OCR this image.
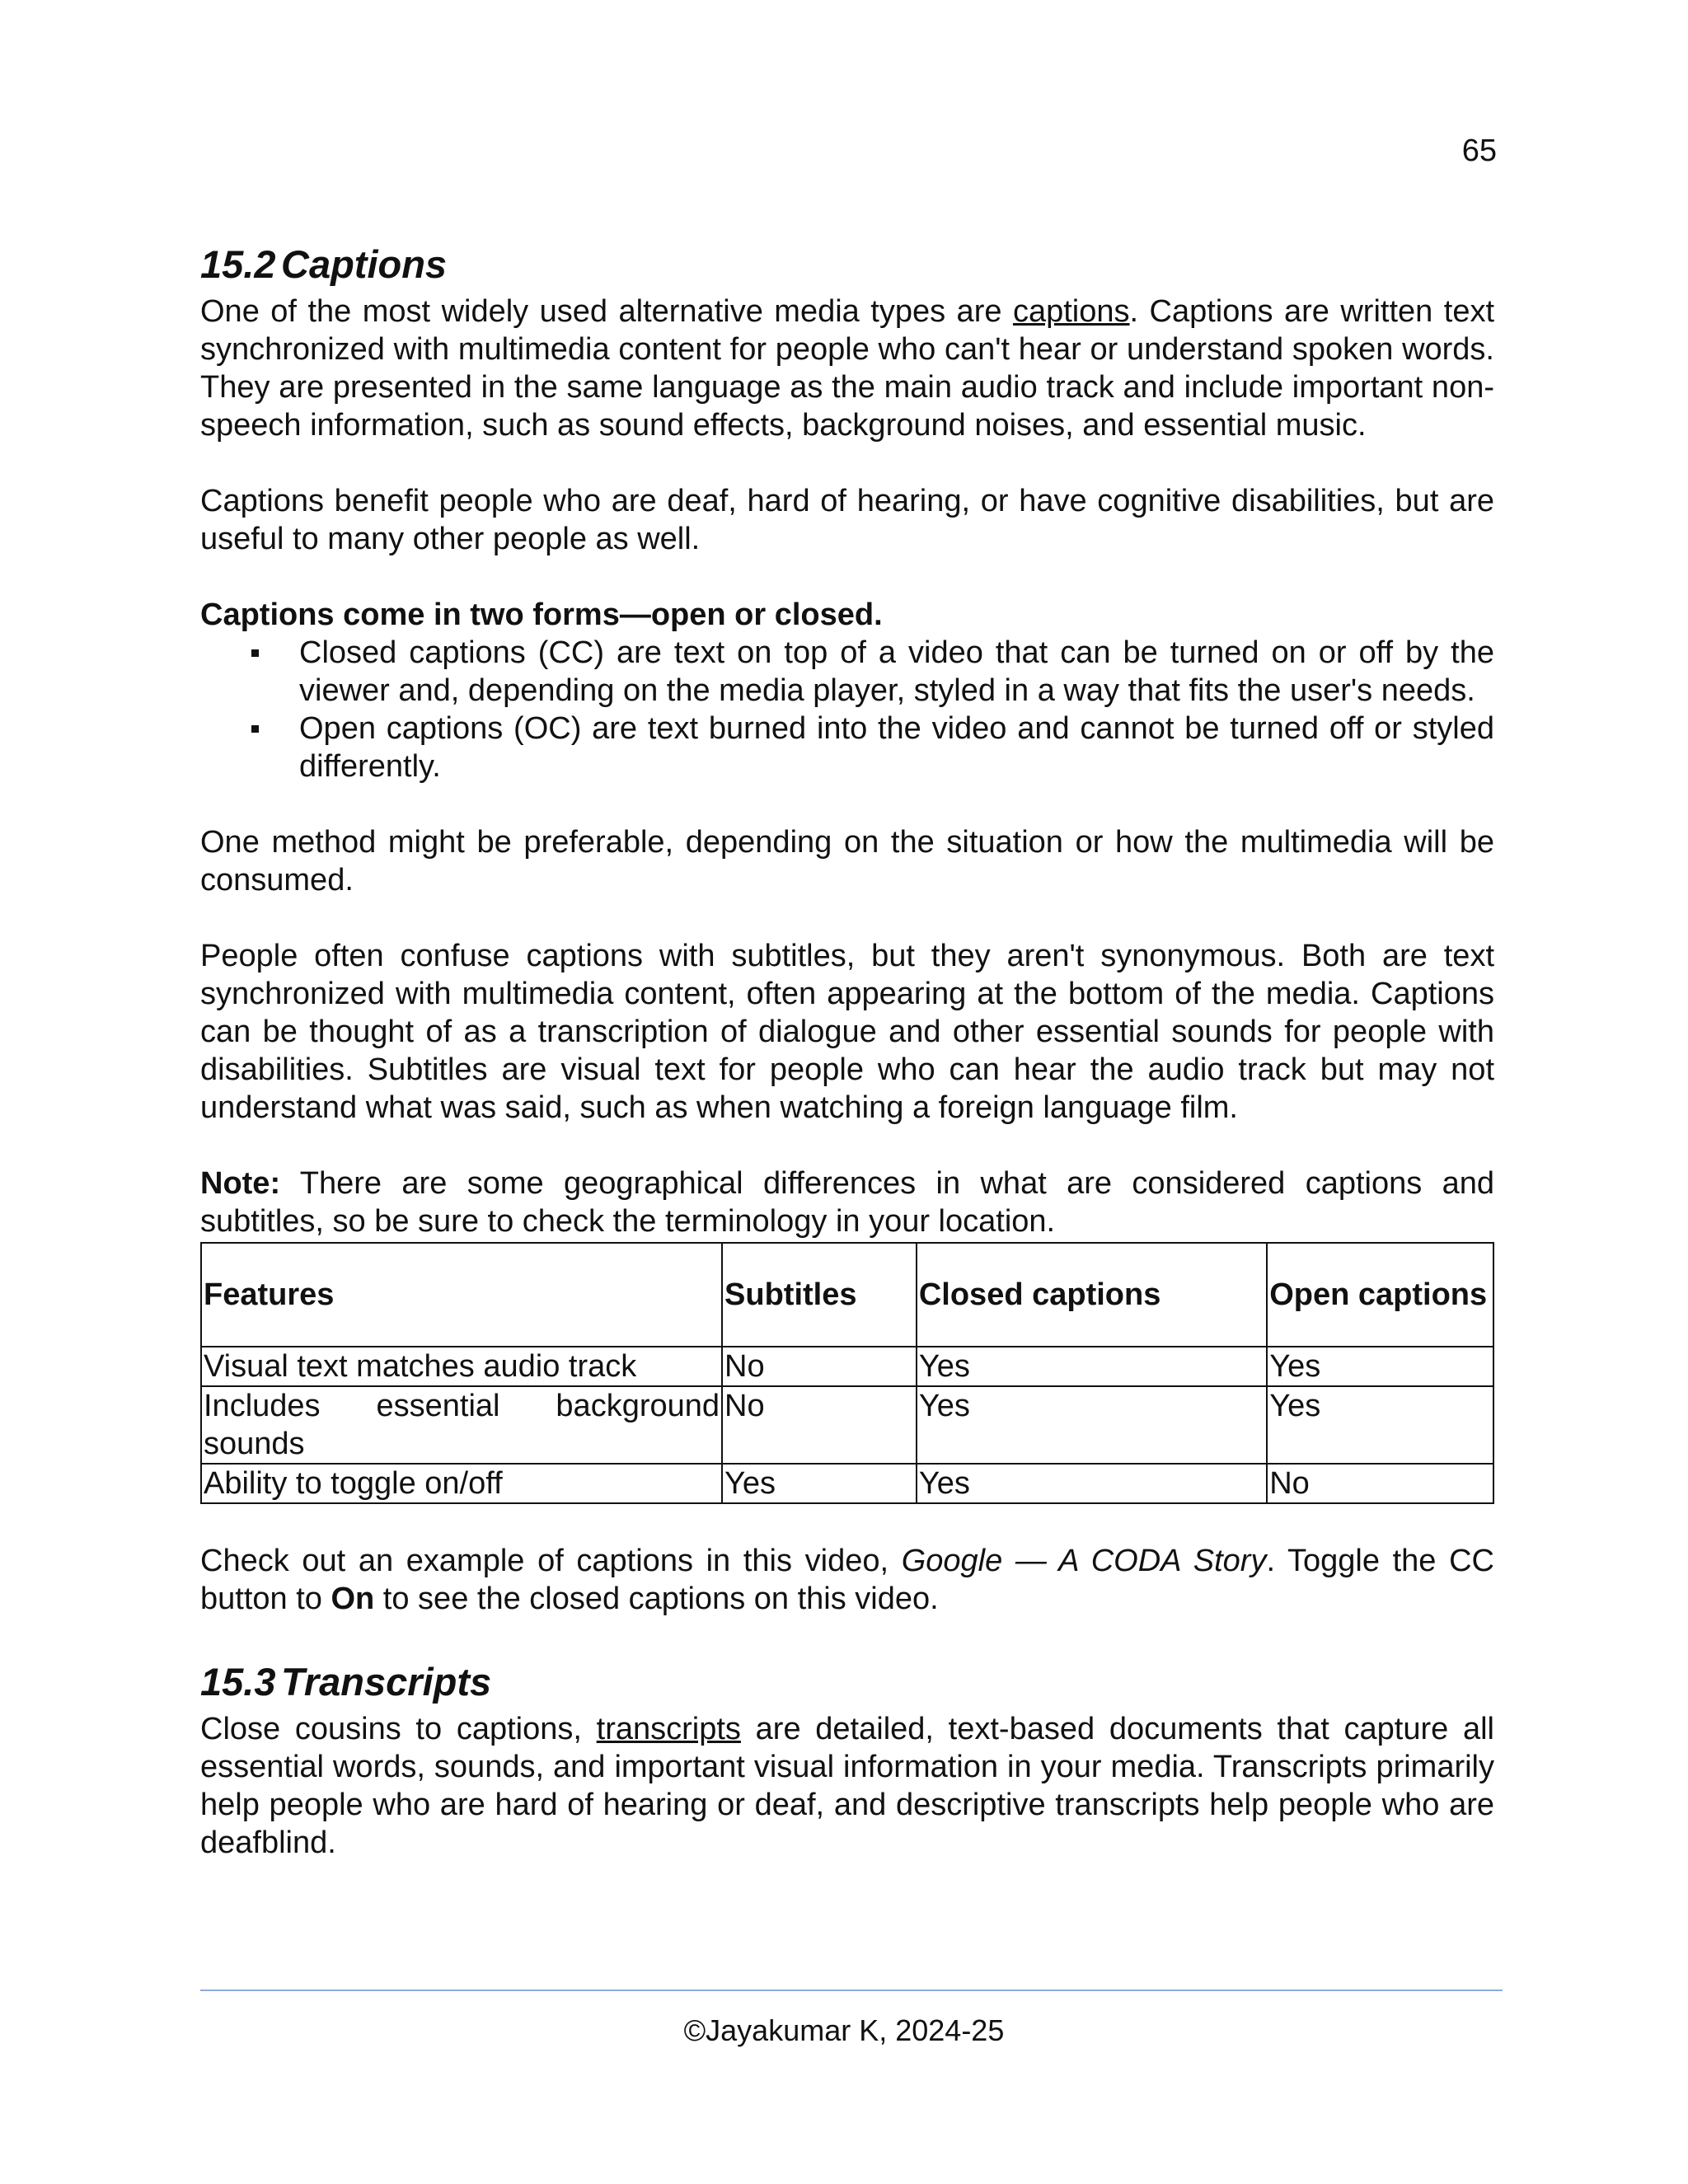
65
15.2 Captions

One of the most widely used alternative media types are captions. Captions are written text synchronized with multimedia content for people who can't hear or understand spoken words. They are presented in the same language as the main audio track and include important non-speech information, such as sound effects, background noises, and essential music.

Captions benefit people who are deaf, hard of hearing, or have cognitive disabilities, but are useful to many other people as well.

Captions come in two forms—open or closed.

Closed captions (CC) are text on top of a video that can be turned on or off by the viewer and, depending on the media player, styled in a way that fits the user's needs.
Open captions (OC) are text burned into the video and cannot be turned off or styled differently.

One method might be preferable, depending on the situation or how the multimedia will be consumed.

People often confuse captions with subtitles, but they aren't synonymous. Both are text synchronized with multimedia content, often appearing at the bottom of the media. Captions can be thought of as a transcription of dialogue and other essential sounds for people with disabilities. Subtitles are visual text for people who can hear the audio track but may not understand what was said, such as when watching a foreign language film.

Note: There are some geographical differences in what are considered captions and subtitles, so be sure to check the terminology in your location.

Features	Subtitles	Closed captions	Open captions
Visual text matches audio track	No	Yes	Yes
Includes essential background sounds	No	Yes	Yes
Ability to toggle on/off	Yes	Yes	No

Check out an example of captions in this video, Google — A CODA Story. Toggle the CC button to On to see the closed captions on this video.

15.3 Transcripts

Close cousins to captions, transcripts are detailed, text-based documents that capture all essential words, sounds, and important visual information in your media. Transcripts primarily help people who are hard of hearing or deaf, and descriptive transcripts help people who are deafblind.

©Jayakumar K, 2024-25
